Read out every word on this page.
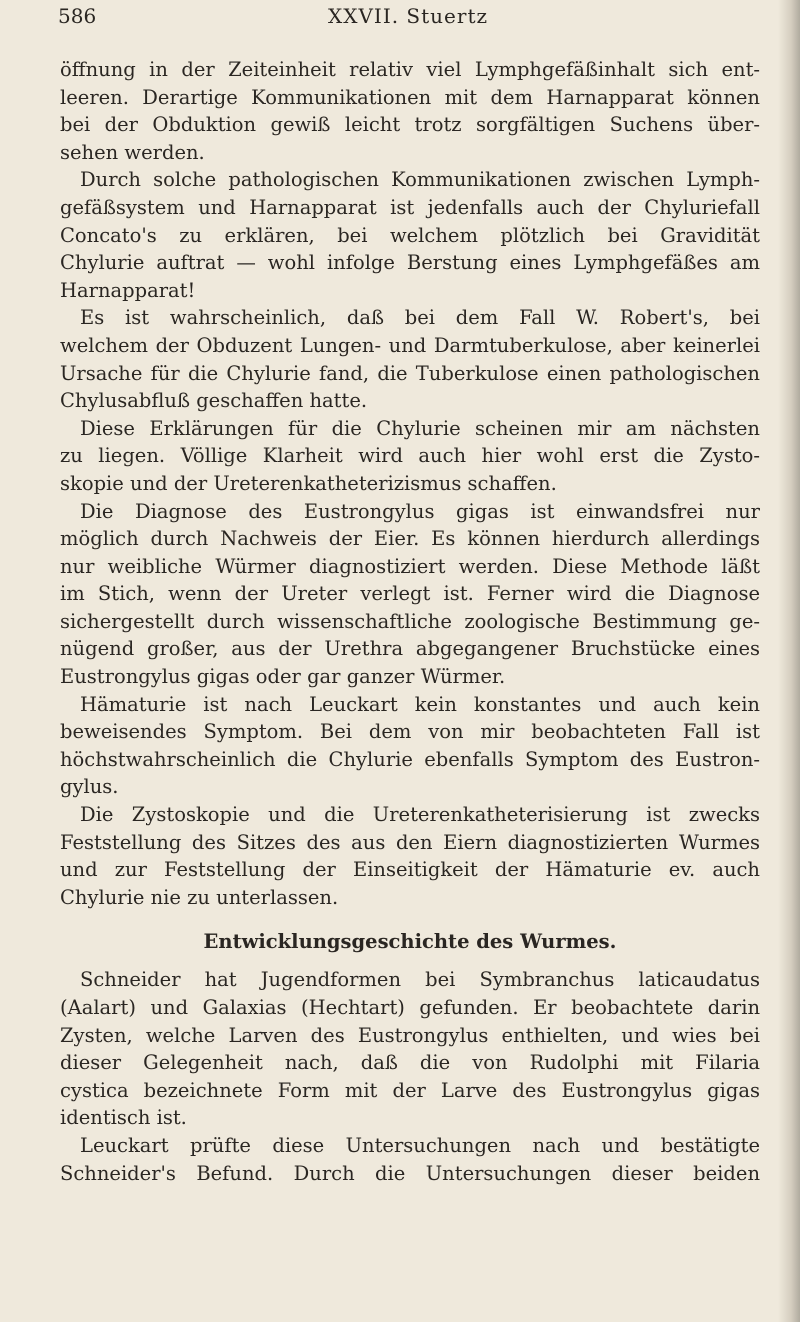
586	XXVII. Stuertz
öffnung in der Zeiteinheit relativ viel Lymphgefäßinhalt sich ent-
leeren. Derartige Kommunikationen mit dem Harnapparat können
bei der Obduktion gewiß leicht trotz sorgfältigen Suchens über-
sehen werden.
Durch solche pathologischen Kommunikationen zwischen Lymph-
gefäßsystem und Harnapparat ist jedenfalls auch der Chyluriefall
Concato's zu erklären, bei welchem plötzlich bei Gravidität
Chylurie auftrat — wohl infolge Berstung eines Lymphgefäßes am
Harnapparat!
Es ist wahrscheinlich, daß bei dem Fall W. Robert's, bei
welchem der Obduzent Lungen- und Darmtuberkulose, aber keinerlei
Ursache für die Chylurie fand, die Tuberkulose einen pathologischen
Chylusabfluß geschaffen hatte.
Diese Erklärungen für die Chylurie scheinen mir am nächsten
zu liegen. Völlige Klarheit wird auch hier wohl erst die Zysto-
skopie und der Ureterenkatheterizismus schaffen.
Die Diagnose des Eustrongylus gigas ist einwandsfrei nur
möglich durch Nachweis der Eier. Es können hierdurch allerdings
nur weibliche Würmer diagnostiziert werden. Diese Methode läßt
im Stich, wenn der Ureter verlegt ist. Ferner wird die Diagnose
sichergestellt durch wissenschaftliche zoologische Bestimmung ge-
nügend großer, aus der Urethra abgegangener Bruchstücke eines
Eustrongylus gigas oder gar ganzer Würmer.
Hämaturie ist nach Leuckart kein konstantes und auch kein
beweisendes Symptom. Bei dem von mir beobachteten Fall ist
höchstwahrscheinlich die Chylurie ebenfalls Symptom des Eustron-
gylus.
Die Zystoskopie und die Ureterenkatheterisierung ist zwecks
Feststellung des Sitzes des aus den Eiern diagnostizierten Wurmes
und zur Feststellung der Einseitigkeit der Hämaturie ev. auch
Chylurie nie zu unterlassen.
Entwicklungsgeschichte des Wurmes.
Schneider hat Jugendformen bei Symbranchus laticaudatus
(Aalart) und Galaxias (Hechtart) gefunden. Er beobachtete darin
Zysten, welche Larven des Eustrongylus enthielten, und wies bei
dieser Gelegenheit nach, daß die von Rudolphi mit Filaria
cystica bezeichnete Form mit der Larve des Eustrongylus gigas
identisch ist.
Leuckart prüfte diese Untersuchungen nach und bestätigte
Schneider's Befund. Durch die Untersuchungen dieser beiden
